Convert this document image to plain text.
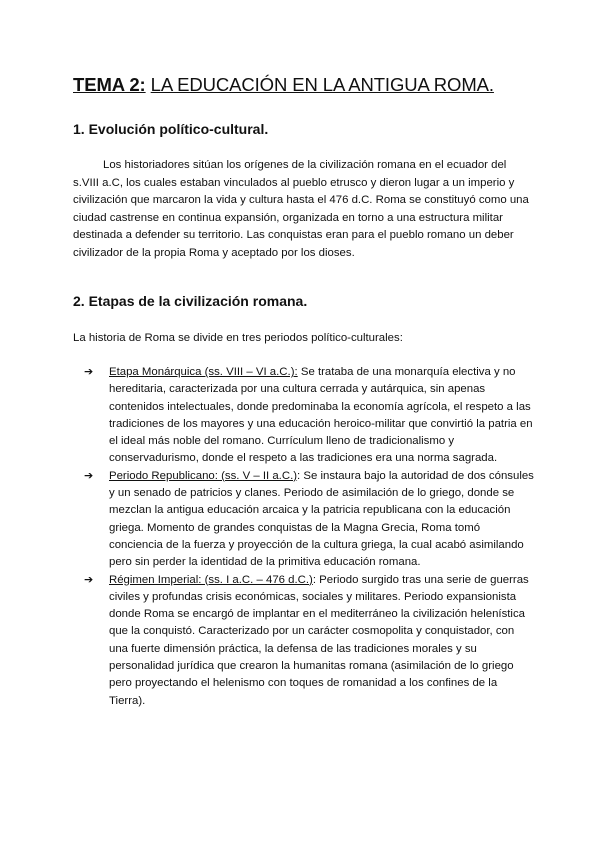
TEMA 2: LA EDUCACIÓN EN LA ANTIGUA ROMA.
1. Evolución político-cultural.

Los historiadores sitúan los orígenes de la civilización romana en el ecuador del s.VIII a.C, los cuales estaban vinculados al pueblo etrusco y dieron lugar a un imperio y civilización que marcaron la vida y cultura hasta el 476 d.C. Roma se constituyó como una ciudad castrense en continua expansión, organizada en torno a una estructura militar destinada a defender su territorio. Las conquistas eran para el pueblo romano un deber civilizador de la propia Roma y aceptado por los dioses.

2. Etapas de la civilización romana.

La historia de Roma se divide en tres periodos político-culturales:

➔ Etapa Monárquica (ss. VIII – VI a.C.): Se trataba de una monarquía electiva y no hereditaria, caracterizada por una cultura cerrada y autárquica, sin apenas contenidos intelectuales, donde predominaba la economía agrícola, el respeto a las tradiciones de los mayores y una educación heroico-militar que convirtió la patria en el ideal más noble del romano. Currículum lleno de tradicionalismo y conservadurismo, donde el respeto a las tradiciones era una norma sagrada.
➔ Periodo Republicano: (ss. V – II a.C.): Se instaura bajo la autoridad de dos cónsules y un senado de patricios y clanes. Periodo de asimilación de lo griego, donde se mezclan la antigua educación arcaica y la patricia republicana con la educación griega. Momento de grandes conquistas de la Magna Grecia, Roma tomó conciencia de la fuerza y proyección de la cultura griega, la cual acabó asimilando pero sin perder la identidad de la primitiva educación romana.
➔ Régimen Imperial: (ss. I a.C. – 476 d.C.): Periodo surgido tras una serie de guerras civiles y profundas crisis económicas, sociales y militares. Periodo expansionista donde Roma se encargó de implantar en el mediterráneo la civilización helenística que la conquistó. Caracterizado por un carácter cosmopolita y conquistador, con una fuerte dimensión práctica, la defensa de las tradiciones morales y su personalidad jurídica que crearon la humanitas romana (asimilación de lo griego pero proyectando el helenismo con toques de romanidad a los confines de la Tierra).
